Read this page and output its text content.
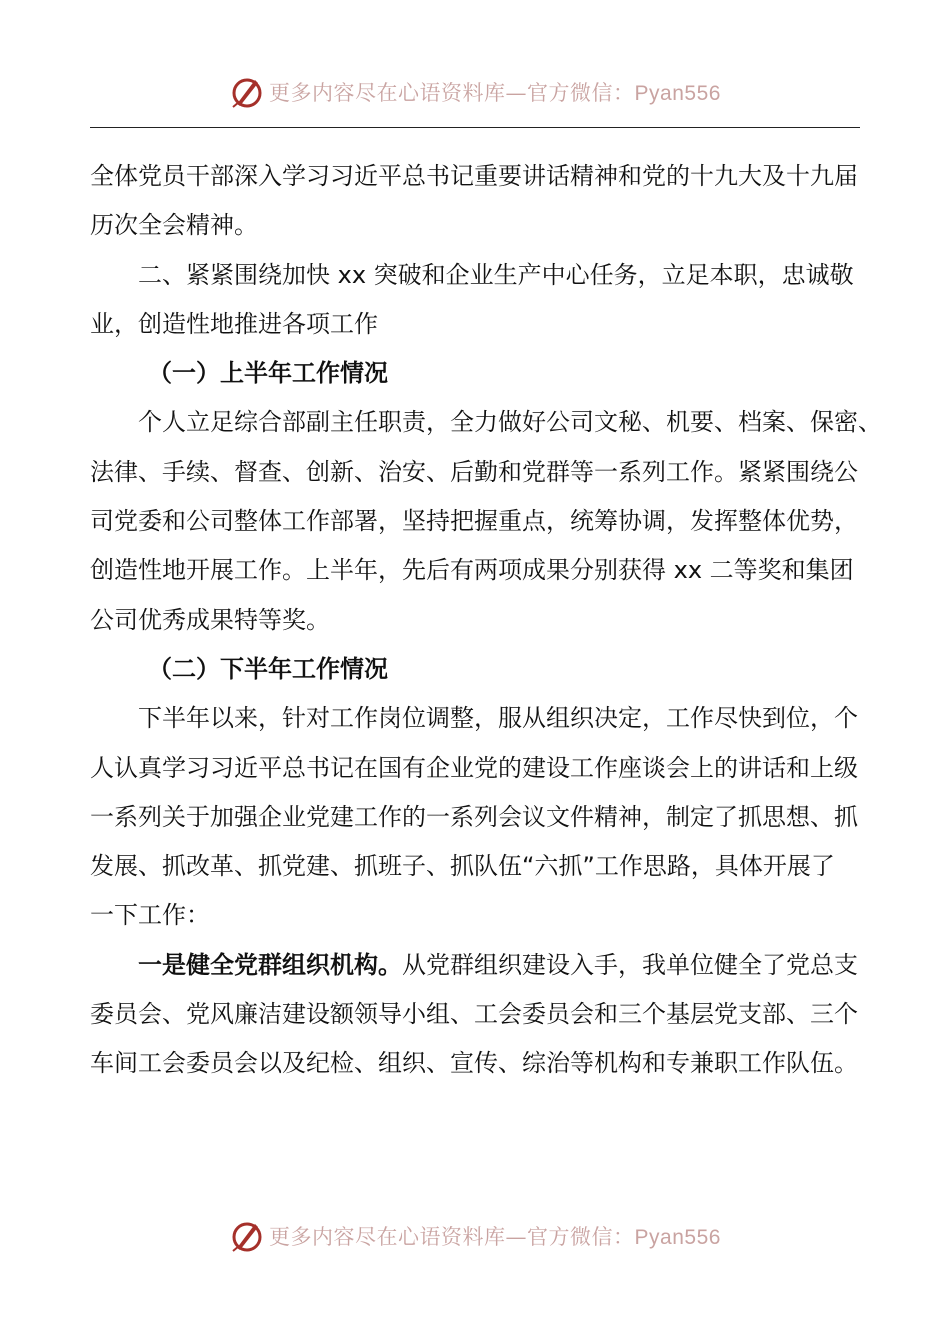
更多内容尽在心语资料库—官方微信：Pyan556

全体党员干部深入学习习近平总书记重要讲话精神和党的十九大及十九届

历次全会精神。

二、紧紧围绕加快 xx 突破和企业生产中心任务，立足本职，忠诚敬

业，创造性地推进各项工作

（一）上半年工作情况

个人立足综合部副主任职责，全力做好公司文秘、机要、档案、保密、

法律、手续、督查、创新、治安、后勤和党群等一系列工作。紧紧围绕公

司党委和公司整体工作部署，坚持把握重点，统筹协调，发挥整体优势，

创造性地开展工作。上半年，先后有两项成果分别获得 xx 二等奖和集团

公司优秀成果特等奖。

（二）下半年工作情况

下半年以来，针对工作岗位调整，服从组织决定，工作尽快到位，个

人认真学习习近平总书记在国有企业党的建设工作座谈会上的讲话和上级

一系列关于加强企业党建工作的一系列会议文件精神，制定了抓思想、抓

发展、抓改革、抓党建、抓班子、抓队伍“六抓”工作思路，具体开展了

一下工作：

一是健全党群组织机构。从党群组织建设入手，我单位健全了党总支

委员会、党风廉洁建设额领导小组、工会委员会和三个基层党支部、三个

车间工会委员会以及纪检、组织、宣传、综治等机构和专兼职工作队伍。

更多内容尽在心语资料库—官方微信：Pyan556
